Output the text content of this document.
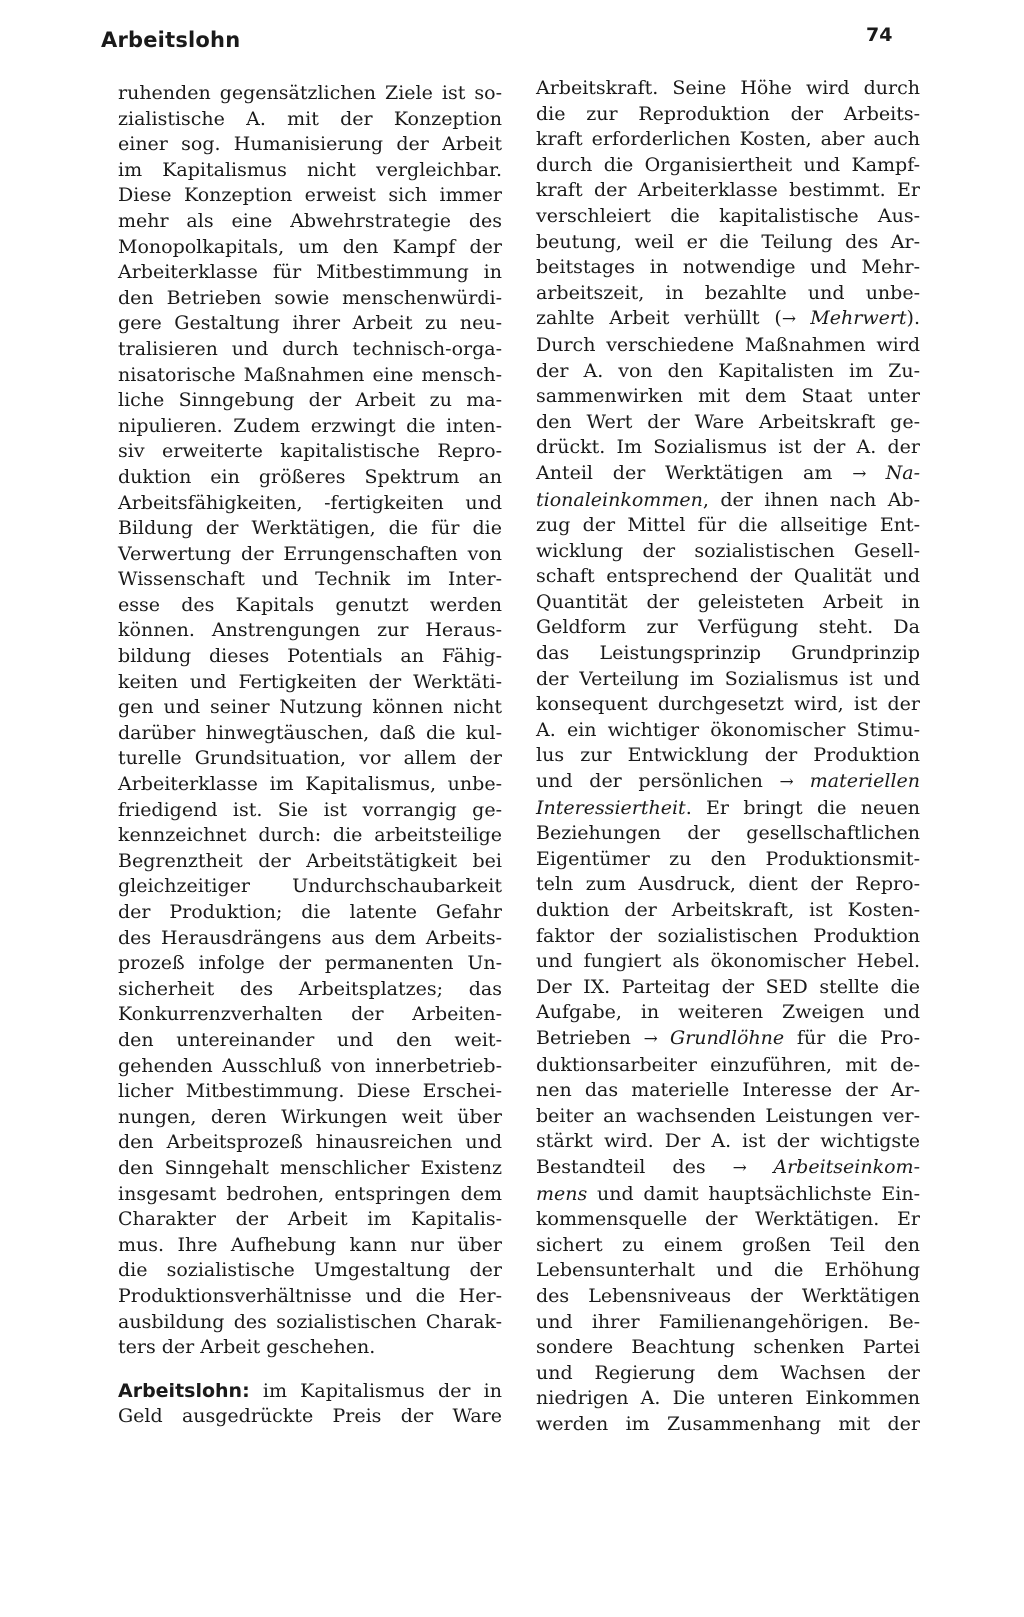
Arbeitslohn	74
ruhenden gegensätzlichen Ziele ist so-
zialistische A. mit der Konzeption
einer sog. Humanisierung der Arbeit
im Kapitalismus nicht vergleichbar.
Diese Konzeption erweist sich immer
mehr als eine Abwehrstrategie des
Monopolkapitals, um den Kampf der
Arbeiterklasse für Mitbestimmung in
den Betrieben sowie menschenwürdi-
gere Gestaltung ihrer Arbeit zu neu-
tralisieren und durch technisch-orga-
nisatorische Maßnahmen eine mensch-
liche Sinngebung der Arbeit zu ma-
nipulieren. Zudem erzwingt die inten-
siv erweiterte kapitalistische Repro-
duktion ein größeres Spektrum an
Arbeitsfähigkeiten, -fertigkeiten und
Bildung der Werktätigen, die für die
Verwertung der Errungenschaften von
Wissenschaft und Technik im Inter-
esse des Kapitals genutzt werden
können. Anstrengungen zur Heraus-
bildung dieses Potentials an Fähig-
keiten und Fertigkeiten der Werktäti-
gen und seiner Nutzung können nicht
darüber hinwegtäuschen, daß die kul-
turelle Grundsituation, vor allem der
Arbeiterklasse im Kapitalismus, unbe-
friedigend ist. Sie ist vorrangig ge-
kennzeichnet durch: die arbeitsteilige
Begrenztheit der Arbeitstätigkeit bei
gleichzeitiger Undurchschaubarkeit
der Produktion; die latente Gefahr
des Herausdrängens aus dem Arbeits-
prozeß infolge der permanenten Un-
sicherheit des Arbeitsplatzes; das
Konkurrenzverhalten der Arbeiten-
den untereinander und den weit-
gehenden Ausschluß von innerbetrieb-
licher Mitbestimmung. Diese Erschei-
nungen, deren Wirkungen weit über
den Arbeitsprozeß hinausreichen und
den Sinngehalt menschlicher Existenz
insgesamt bedrohen, entspringen dem
Charakter der Arbeit im Kapitalis-
mus. Ihre Aufhebung kann nur über
die sozialistische Umgestaltung der
Produktionsverhältnisse und die Her-
ausbildung des sozialistischen Charak-
ters der Arbeit geschehen.
Arbeitslohn: im Kapitalismus der in
Geld ausgedrückte Preis der Ware
Arbeitskraft. Seine Höhe wird durch
die zur Reproduktion der Arbeits-
kraft erforderlichen Kosten, aber auch
durch die Organisiertheit und Kampf-
kraft der Arbeiterklasse bestimmt. Er
verschleiert die kapitalistische Aus-
beutung, weil er die Teilung des Ar-
beitstages in notwendige und Mehr-
arbeitszeit, in bezahlte und unbe-
zahlte Arbeit verhüllt (→ Mehrwert).
Durch verschiedene Maßnahmen wird
der A. von den Kapitalisten im Zu-
sammenwirken mit dem Staat unter
den Wert der Ware Arbeitskraft ge-
drückt. Im Sozialismus ist der A. der
Anteil der Werktätigen am → Na-
tionaleinkommen, der ihnen nach Ab-
zug der Mittel für die allseitige Ent-
wicklung der sozialistischen Gesell-
schaft entsprechend der Qualität und
Quantität der geleisteten Arbeit in
Geldform zur Verfügung steht. Da
das Leistungsprinzip Grundprinzip
der Verteilung im Sozialismus ist und
konsequent durchgesetzt wird, ist der
A. ein wichtiger ökonomischer Stimu-
lus zur Entwicklung der Produktion
und der persönlichen → materiellen
Interessiertheit. Er bringt die neuen
Beziehungen der gesellschaftlichen
Eigentümer zu den Produktionsmit-
teln zum Ausdruck, dient der Repro-
duktion der Arbeitskraft, ist Kosten-
faktor der sozialistischen Produktion
und fungiert als ökonomischer Hebel.
Der IX. Parteitag der SED stellte die
Aufgabe, in weiteren Zweigen und
Betrieben → Grundlöhne für die Pro-
duktionsarbeiter einzuführen, mit de-
nen das materielle Interesse der Ar-
beiter an wachsenden Leistungen ver-
stärkt wird. Der A. ist der wichtigste
Bestandteil des → Arbeitseinkom-
mens und damit hauptsächlichste Ein-
kommensquelle der Werktätigen. Er
sichert zu einem großen Teil den
Lebensunterhalt und die Erhöhung
des Lebensniveaus der Werktätigen
und ihrer Familienangehörigen. Be-
sondere Beachtung schenken Partei
und Regierung dem Wachsen der
niedrigen A. Die unteren Einkommen
werden im Zusammenhang mit der
